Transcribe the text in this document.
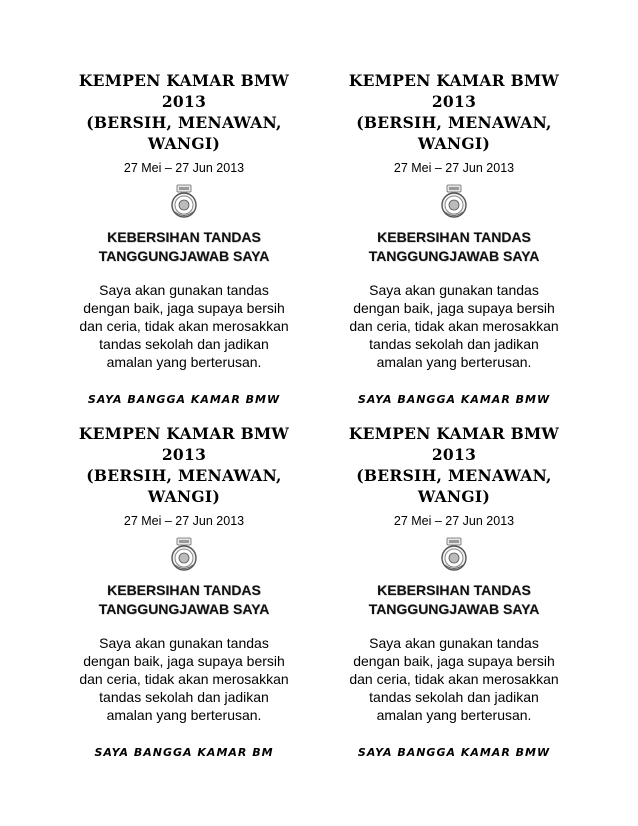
KEMPEN KAMAR BMW 2013
(BERSIH, MENAWAN,
WANGI)
27 Mei – 27 Jun 2013
KEBERSIHAN TANDAS
TANGGUNGJAWAB SAYA
Saya akan gunakan tandas
dengan baik, jaga supaya bersih
dan ceria, tidak akan merosakkan
tandas sekolah dan jadikan
amalan yang berterusan.
SAYA BANGGA KAMAR BMW
KEMPEN KAMAR BMW 2013
(BERSIH, MENAWAN,
WANGI)
27 Mei – 27 Jun 2013
KEBERSIHAN TANDAS
TANGGUNGJAWAB SAYA
Saya akan gunakan tandas
dengan baik, jaga supaya bersih
dan ceria, tidak akan merosakkan
tandas sekolah dan jadikan
amalan yang berterusan.
SAYA BANGGA KAMAR BMW
KEMPEN KAMAR BMW 2013
(BERSIH, MENAWAN,
WANGI)
27 Mei – 27 Jun 2013
KEBERSIHAN TANDAS
TANGGUNGJAWAB SAYA
Saya akan gunakan tandas
dengan baik, jaga supaya bersih
dan ceria, tidak akan merosakkan
tandas sekolah dan jadikan
amalan yang berterusan.
SAYA BANGGA KAMAR BM
KEMPEN KAMAR BMW 2013
(BERSIH, MENAWAN,
WANGI)
27 Mei – 27 Jun 2013
KEBERSIHAN TANDAS
TANGGUNGJAWAB SAYA
Saya akan gunakan tandas
dengan baik, jaga supaya bersih
dan ceria, tidak akan merosakkan
tandas sekolah dan jadikan
amalan yang berterusan.
SAYA BANGGA KAMAR BMW
